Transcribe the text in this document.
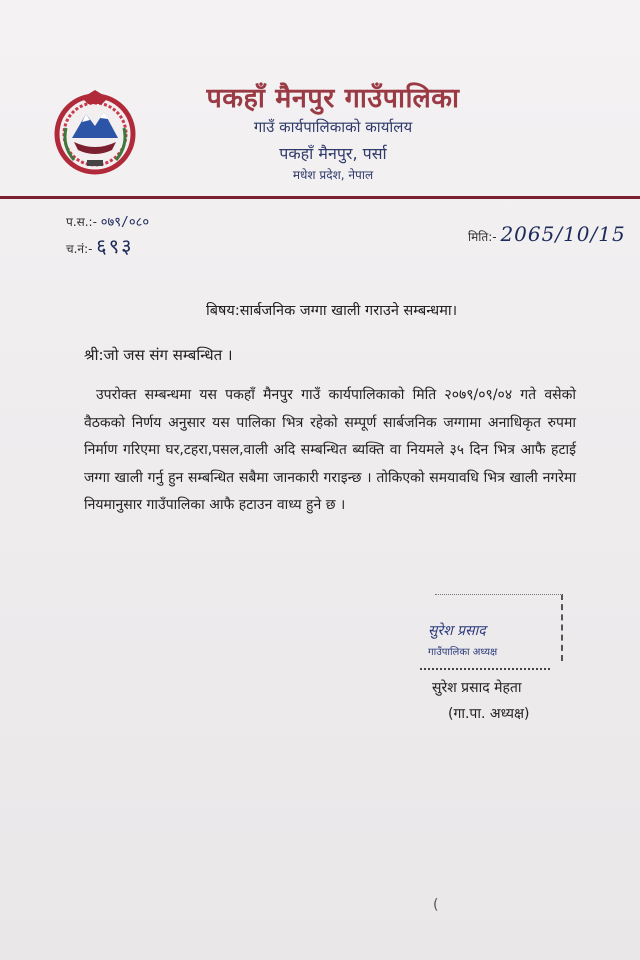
पकहाँ मैनपुर गाउँपालिका
गाउँ कार्यपालिकाको कार्यालय
पकहाँ मैनपुर, पर्सा
मधेश प्रदेश, नेपाल
प.स.:- ०७९/०८०
च.नं:- ६९३	मिति:- 2065/10/15
बिषय:सार्बजनिक जग्गा खाली गराउने सम्बन्धमा।
श्री:जो जस संग सम्बन्धित ।
उपरोक्त सम्बन्धमा यस पकहाँ मैनपुर गाउँ कार्यपालिकाको मिति २०७९/०९/०४ गते वसेको वैठकको निर्णय अनुसार यस पालिका भित्र रहेको सम्पूर्ण सार्बजनिक जग्गामा अनाधिकृत रुपमा निर्माण गरिएमा घर,टहरा,पसल,वाली अदि सम्बन्धित ब्यक्ति वा नियमले ३५ दिन भित्र आफै हटाई जग्गा खाली गर्नु हुन सम्बन्धित सबैमा जानकारी गराइन्छ । तोकिएको समयावधि भित्र खाली नगरेमा नियमानुसार गाउँपालिका आफै हटाउन वाध्य हुने छ ।
सुरेश प्रसाद
गाउँपालिका अध्यक्ष
सुरेश प्रसाद मेहता
(गा.पा. अध्यक्ष)
(
